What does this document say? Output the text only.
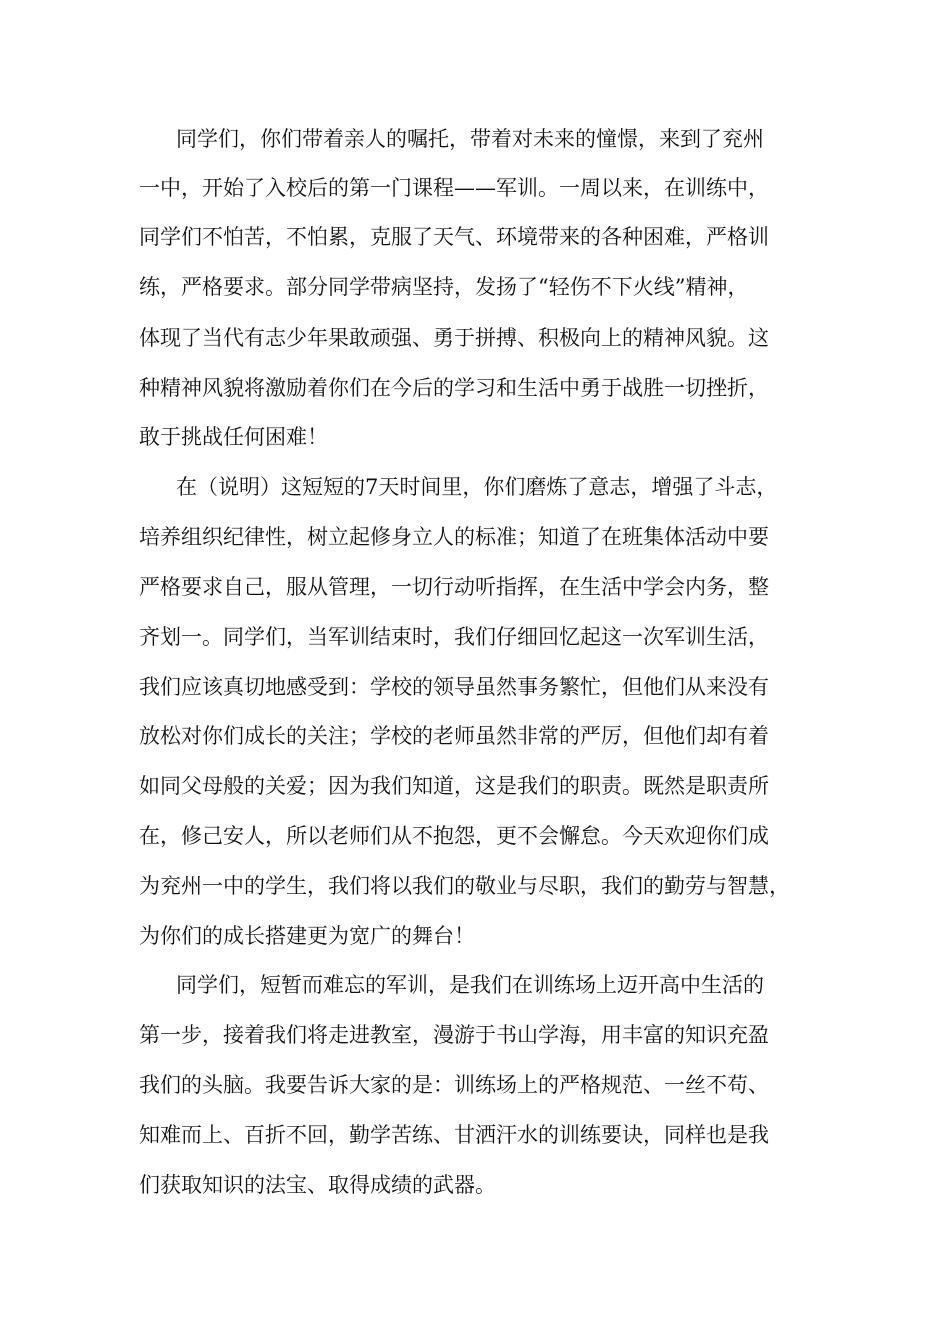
同学们，你们带着亲人的嘱托，带着对未来的憧憬，来到了兖州

一中，开始了入校后的第一门课程——军训。一周以来，在训练中，

同学们不怕苦，不怕累，克服了天气、环境带来的各种困难，严格训

练，严格要求。部分同学带病坚持，发扬了“轻伤不下火线”精神，

体现了当代有志少年果敢顽强、勇于拼搏、积极向上的精神风貌。这

种精神风貌将激励着你们在今后的学习和生活中勇于战胜一切挫折，

敢于挑战任何困难！

在（说明）这短短的7天时间里，你们磨炼了意志，增强了斗志，

培养组织纪律性，树立起修身立人的标准；知道了在班集体活动中要

严格要求自己，服从管理，一切行动听指挥，在生活中学会内务，整

齐划一。同学们，当军训结束时，我们仔细回忆起这一次军训生活，

我们应该真切地感受到：学校的领导虽然事务繁忙，但他们从来没有

放松对你们成长的关注；学校的老师虽然非常的严厉，但他们却有着

如同父母般的关爱；因为我们知道，这是我们的职责。既然是职责所

在，修己安人，所以老师们从不抱怨，更不会懈怠。今天欢迎你们成

为兖州一中的学生，我们将以我们的敬业与尽职，我们的勤劳与智慧，

为你们的成长搭建更为宽广的舞台！

同学们，短暂而难忘的军训，是我们在训练场上迈开高中生活的

第一步，接着我们将走进教室，漫游于书山学海，用丰富的知识充盈

我们的头脑。我要告诉大家的是：训练场上的严格规范、一丝不苟、

知难而上、百折不回，勤学苦练、甘洒汗水的训练要诀，同样也是我

们获取知识的法宝、取得成绩的武器。
